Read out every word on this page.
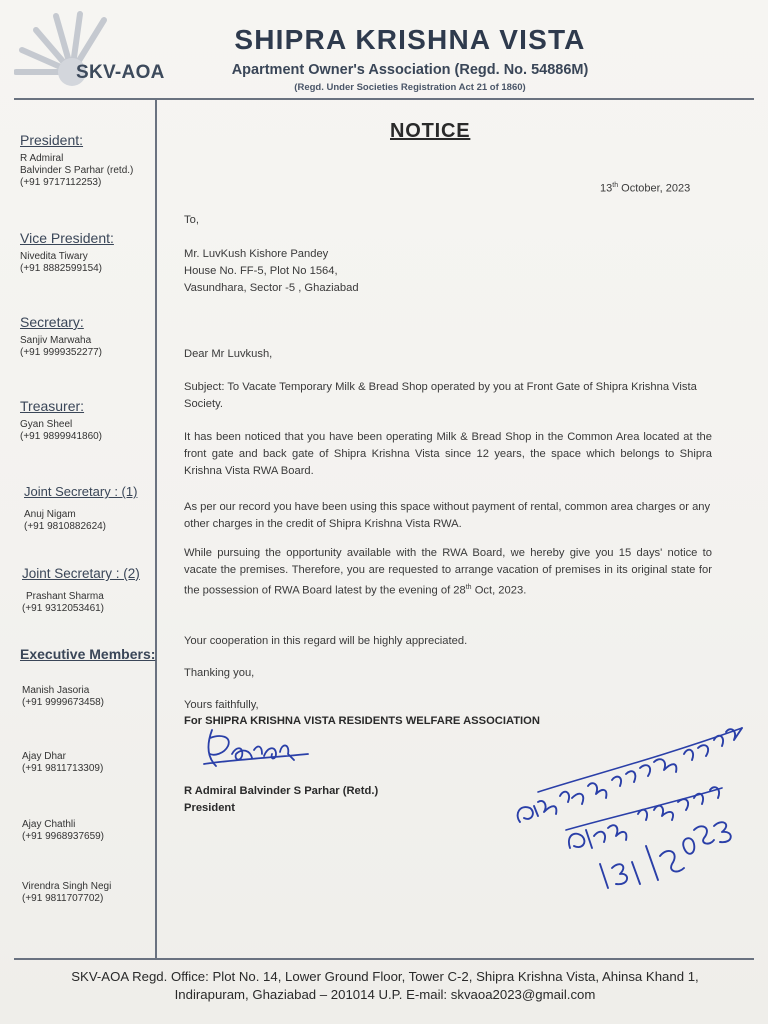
SKV-AOA
SHIPRA KRISHNA VISTA
Apartment Owner's Association (Regd. No. 54886M)
(Regd. Under Societies Registration Act 21 of 1860)
President:
R Admiral
Balvinder S Parhar (retd.)
(+91 9717112253)
Vice President:
Nivedita Tiwary
(+91 8882599154)
Secretary:
Sanjiv Marwaha
(+91 9999352277)
Treasurer:
Gyan Sheel
(+91 9899941860)
Joint Secretary : (1)
Anuj Nigam
(+91 9810882624)
Joint Secretary : (2)
Prashant Sharma
(+91 9312053461)
Executive Members:
Manish Jasoria
(+91 9999673458)
Ajay Dhar
(+91 9811713309)
Ajay Chathli
(+91 9968937659)
Virendra Singh Negi
(+91 9811707702)
NOTICE
13th October, 2023
To,
Mr. LuvKush Kishore Pandey
House No. FF-5, Plot No 1564,
Vasundhara, Sector -5 , Ghaziabad
Dear Mr Luvkush,
Subject: To Vacate Temporary Milk & Bread Shop operated by you at Front Gate of Shipra Krishna Vista Society.
It has been noticed that you have been operating Milk & Bread Shop in the Common Area located at the front gate and back gate of Shipra Krishna Vista since 12 years, the space which belongs to Shipra Krishna Vista RWA Board.
As per our record you have been using this space without payment of rental, common area charges or any other charges in the credit of Shipra Krishna Vista RWA.
While pursuing the opportunity available with the RWA Board, we hereby give you 15 days' notice to vacate the premises. Therefore, you are requested to arrange vacation of premises in its original state for the possession of RWA Board latest by the evening of 28th Oct, 2023.
Your cooperation in this regard will be highly appreciated.
Thanking you,
Yours faithfully,
For SHIPRA KRISHNA VISTA RESIDENTS WELFARE ASSOCIATION
R Admiral Balvinder S Parhar (Retd.)
President
SKV-AOA Regd. Office: Plot No. 14, Lower Ground Floor, Tower C-2, Shipra Krishna Vista, Ahinsa Khand 1,
Indirapuram, Ghaziabad – 201014 U.P. E-mail: skvaoa2023@gmail.com
